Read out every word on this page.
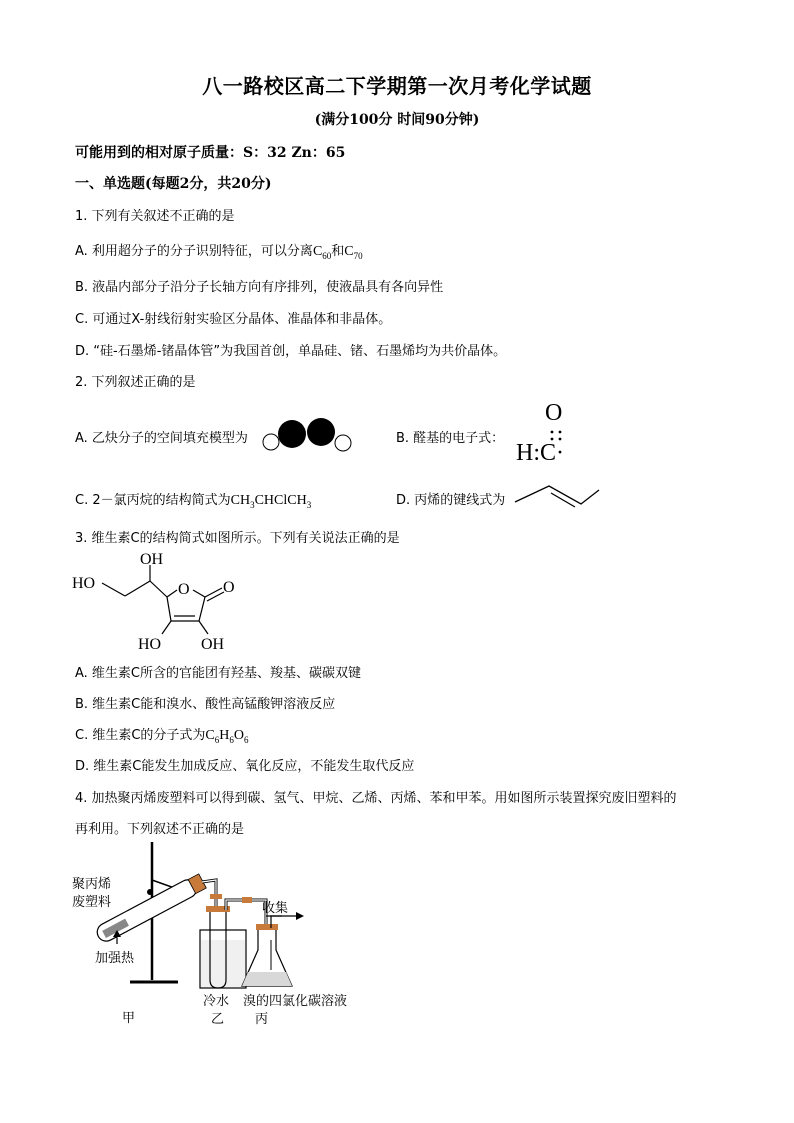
八一路校区高二下学期第一次月考化学试题
(满分100分 时间90分钟)
可能用到的相对原子质量：S：32 Zn：65
一、单选题(每题2分，共20分)
1. 下列有关叙述不正确的是
A. 利用超分子的分子识别特征，可以分离$C_{60}$和$C_{70}$
B. 液晶内部分子沿分子长轴方向有序排列，使液晶具有各向异性
C. 可通过X-射线衍射实验区分晶体、准晶体和非晶体。
D. “硅-石墨烯-锗晶体管”为我国首创，单晶硅、锗、石墨烯均为共价晶体。
2. 下列叙述正确的是
A. 乙炔分子的空间填充模型为	B. 醛基的电子式：
O
H:C·
C. 2－氯丙烷的结构简式为$CH_3CHClCH_3$	D. 丙烯的键线式为
3. 维生素C的结构简式如图所示。下列有关说法正确的是
OH
HO	O O
HO OH
A. 维生素C所含的官能团有羟基、羧基、碳碳双键
B. 维生素C能和溴水、酸性高锰酸钾溶液反应
C. 维生素C的分子式为$C_6H_6O_6$
D. 维生素C能发生加成反应、氧化反应，不能发生取代反应
4. 加热聚丙烯废塑料可以得到碳、氢气、甲烷、乙烯、丙烯、苯和甲苯。用如图所示装置探究废旧塑料的
再利用。下列叙述不正确的是
聚丙烯
废塑料
加强热
收集
冷水 溴的四氯化碳溶液
甲	乙 丙
